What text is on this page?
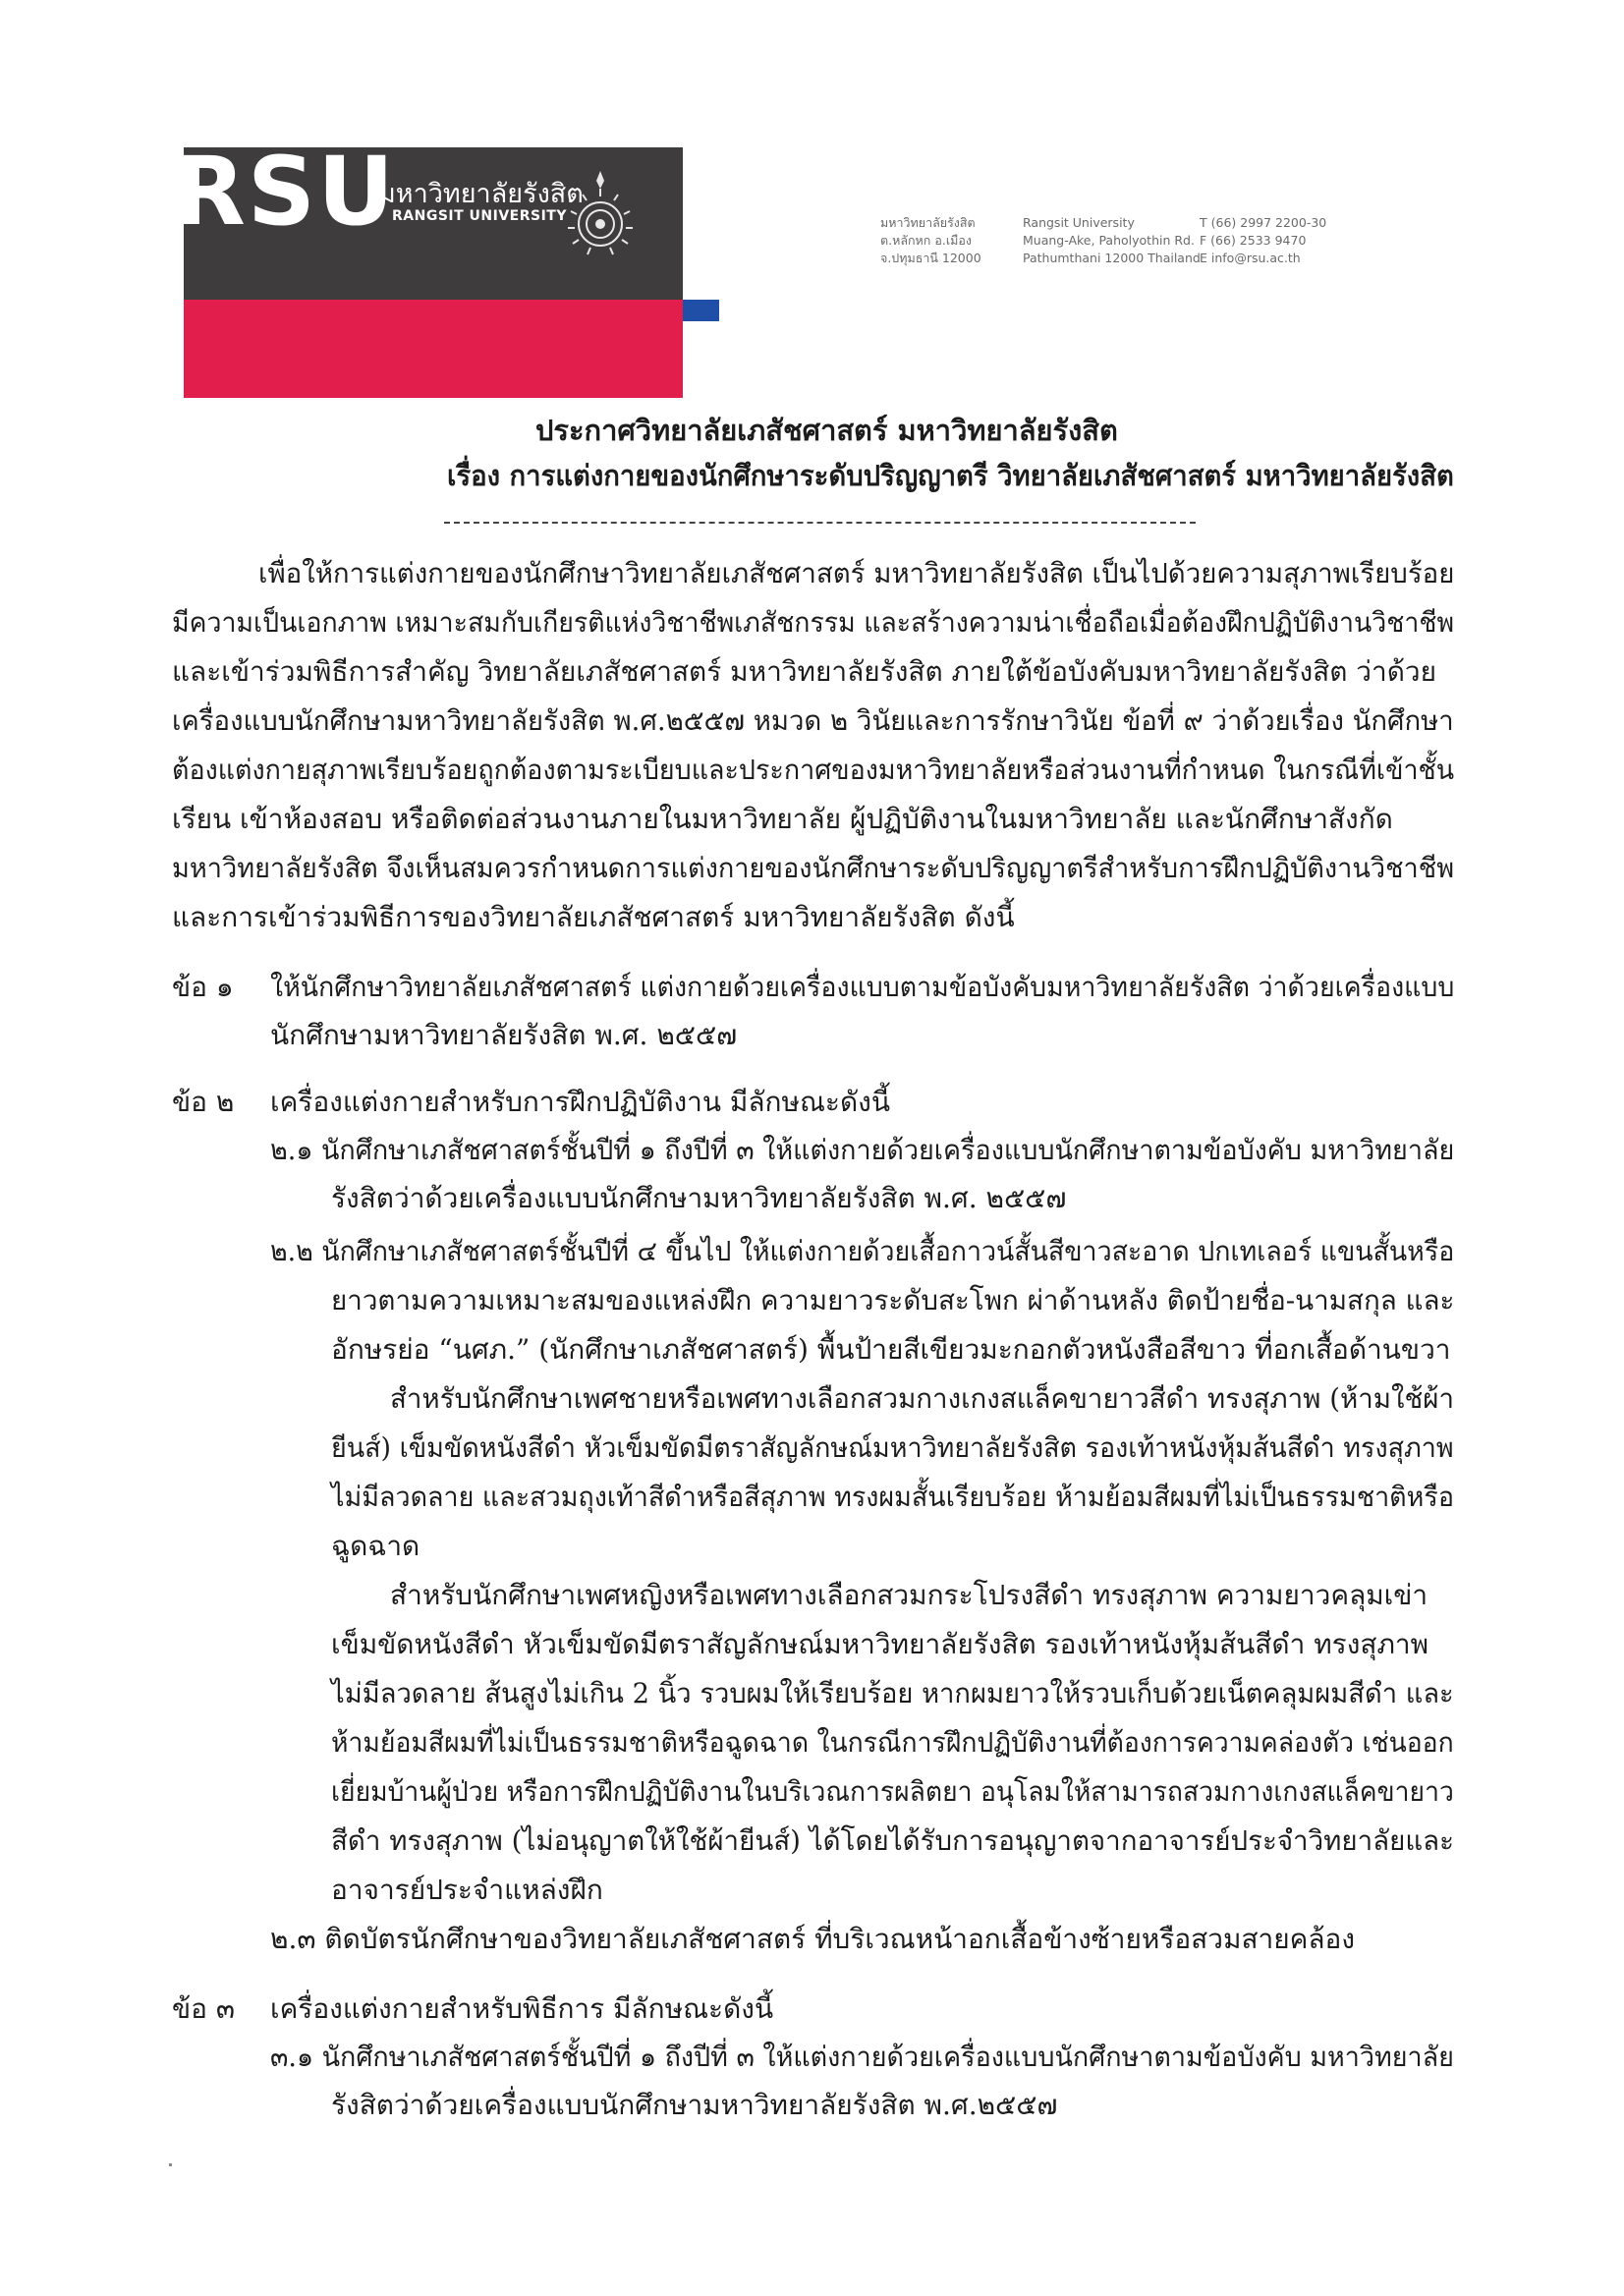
RSU
มหาวิทยาลัยรังสิต
RANGSIT UNIVERSITY	มหาวิทยาลัยรังสิต
ต.หลักหก อ.เมือง
จ.ปทุมธานี 12000
Rangsit University
Muang-Ake, Paholyothin Rd.
Pathumthani 12000 Thailand
T (66) 2997 2200-30
F (66) 2533 9470
E info@rsu.ac.th
ประกาศวิทยาลัยเภสัชศาสตร์ มหาวิทยาลัยรังสิต
เรื่อง การแต่งกายของนักศึกษาระดับปริญญาตรี วิทยาลัยเภสัชศาสตร์ มหาวิทยาลัยรังสิต
เพื่อให้การแต่งกายของนักศึกษาวิทยาลัยเภสัชศาสตร์ มหาวิทยาลัยรังสิต เป็นไปด้วยความสุภาพเรียบร้อย
มีความเป็นเอกภาพ เหมาะสมกับเกียรติแห่งวิชาชีพเภสัชกรรม และสร้างความน่าเชื่อถือเมื่อต้องฝึกปฏิบัติงานวิชาชีพ
และเข้าร่วมพิธีการสำคัญ วิทยาลัยเภสัชศาสตร์ มหาวิทยาลัยรังสิต ภายใต้ข้อบังคับมหาวิทยาลัยรังสิต ว่าด้วย
เครื่องแบบนักศึกษามหาวิทยาลัยรังสิต พ.ศ.๒๕๕๗ หมวด ๒ วินัยและการรักษาวินัย ข้อที่ ๙ ว่าด้วยเรื่อง นักศึกษา
ต้องแต่งกายสุภาพเรียบร้อยถูกต้องตามระเบียบและประกาศของมหาวิทยาลัยหรือส่วนงานที่กำหนด ในกรณีที่เข้าชั้น
เรียน เข้าห้องสอบ หรือติดต่อส่วนงานภายในมหาวิทยาลัย ผู้ปฏิบัติงานในมหาวิทยาลัย และนักศึกษาสังกัด
มหาวิทยาลัยรังสิต จึงเห็นสมควรกำหนดการแต่งกายของนักศึกษาระดับปริญญาตรีสำหรับการฝึกปฏิบัติงานวิชาชีพ
และการเข้าร่วมพิธีการของวิทยาลัยเภสัชศาสตร์ มหาวิทยาลัยรังสิต ดังนี้
ข้อ ๑ ให้นักศึกษาวิทยาลัยเภสัชศาสตร์ แต่งกายด้วยเครื่องแบบตามข้อบังคับมหาวิทยาลัยรังสิต ว่าด้วยเครื่องแบบ
นักศึกษามหาวิทยาลัยรังสิต พ.ศ. ๒๕๕๗
ข้อ ๒ เครื่องแต่งกายสำหรับการฝึกปฏิบัติงาน มีลักษณะดังนี้
๒.๑ นักศึกษาเภสัชศาสตร์ชั้นปีที่ ๑ ถึงปีที่ ๓ ให้แต่งกายด้วยเครื่องแบบนักศึกษาตามข้อบังคับ มหาวิทยาลัย
รังสิตว่าด้วยเครื่องแบบนักศึกษามหาวิทยาลัยรังสิต พ.ศ. ๒๕๕๗
๒.๒ นักศึกษาเภสัชศาสตร์ชั้นปีที่ ๔ ขึ้นไป ให้แต่งกายด้วยเสื้อกาวน์สั้นสีขาวสะอาด ปกเทเลอร์ แขนสั้นหรือ
ยาวตามความเหมาะสมของแหล่งฝึก ความยาวระดับสะโพก ผ่าด้านหลัง ติดป้ายชื่อ-นามสกุล และ
อักษรย่อ “นศภ.” (นักศึกษาเภสัชศาสตร์) พื้นป้ายสีเขียวมะกอกตัวหนังสือสีขาว ที่อกเสื้อด้านขวา
สำหรับนักศึกษาเพศชายหรือเพศทางเลือกสวมกางเกงสแล็คขายาวสีดำ ทรงสุภาพ (ห้ามใช้ผ้า
ยีนส์) เข็มขัดหนังสีดำ หัวเข็มขัดมีตราสัญลักษณ์มหาวิทยาลัยรังสิต รองเท้าหนังหุ้มส้นสีดำ ทรงสุภาพ
ไม่มีลวดลาย และสวมถุงเท้าสีดำหรือสีสุภาพ ทรงผมสั้นเรียบร้อย ห้ามย้อมสีผมที่ไม่เป็นธรรมชาติหรือ
ฉูดฉาด
สำหรับนักศึกษาเพศหญิงหรือเพศทางเลือกสวมกระโปรงสีดำ ทรงสุภาพ ความยาวคลุมเข่า
เข็มขัดหนังสีดำ หัวเข็มขัดมีตราสัญลักษณ์มหาวิทยาลัยรังสิต รองเท้าหนังหุ้มส้นสีดำ ทรงสุภาพ
ไม่มีลวดลาย ส้นสูงไม่เกิน 2 นิ้ว รวบผมให้เรียบร้อย หากผมยาวให้รวบเก็บด้วยเน็ตคลุมผมสีดำ และ
ห้ามย้อมสีผมที่ไม่เป็นธรรมชาติหรือฉูดฉาด ในกรณีการฝึกปฏิบัติงานที่ต้องการความคล่องตัว เช่นออก
เยี่ยมบ้านผู้ป่วย หรือการฝึกปฏิบัติงานในบริเวณการผลิตยา อนุโลมให้สามารถสวมกางเกงสแล็คขายาว
สีดำ ทรงสุภาพ (ไม่อนุญาตให้ใช้ผ้ายีนส์) ได้โดยได้รับการอนุญาตจากอาจารย์ประจำวิทยาลัยและ
อาจารย์ประจำแหล่งฝึก
๒.๓ ติดบัตรนักศึกษาของวิทยาลัยเภสัชศาสตร์ ที่บริเวณหน้าอกเสื้อข้างซ้ายหรือสวมสายคล้อง
ข้อ ๓ เครื่องแต่งกายสำหรับพิธีการ มีลักษณะดังนี้
๓.๑ นักศึกษาเภสัชศาสตร์ชั้นปีที่ ๑ ถึงปีที่ ๓ ให้แต่งกายด้วยเครื่องแบบนักศึกษาตามข้อบังคับ มหาวิทยาลัย
รังสิตว่าด้วยเครื่องแบบนักศึกษามหาวิทยาลัยรังสิต พ.ศ.๒๕๕๗
